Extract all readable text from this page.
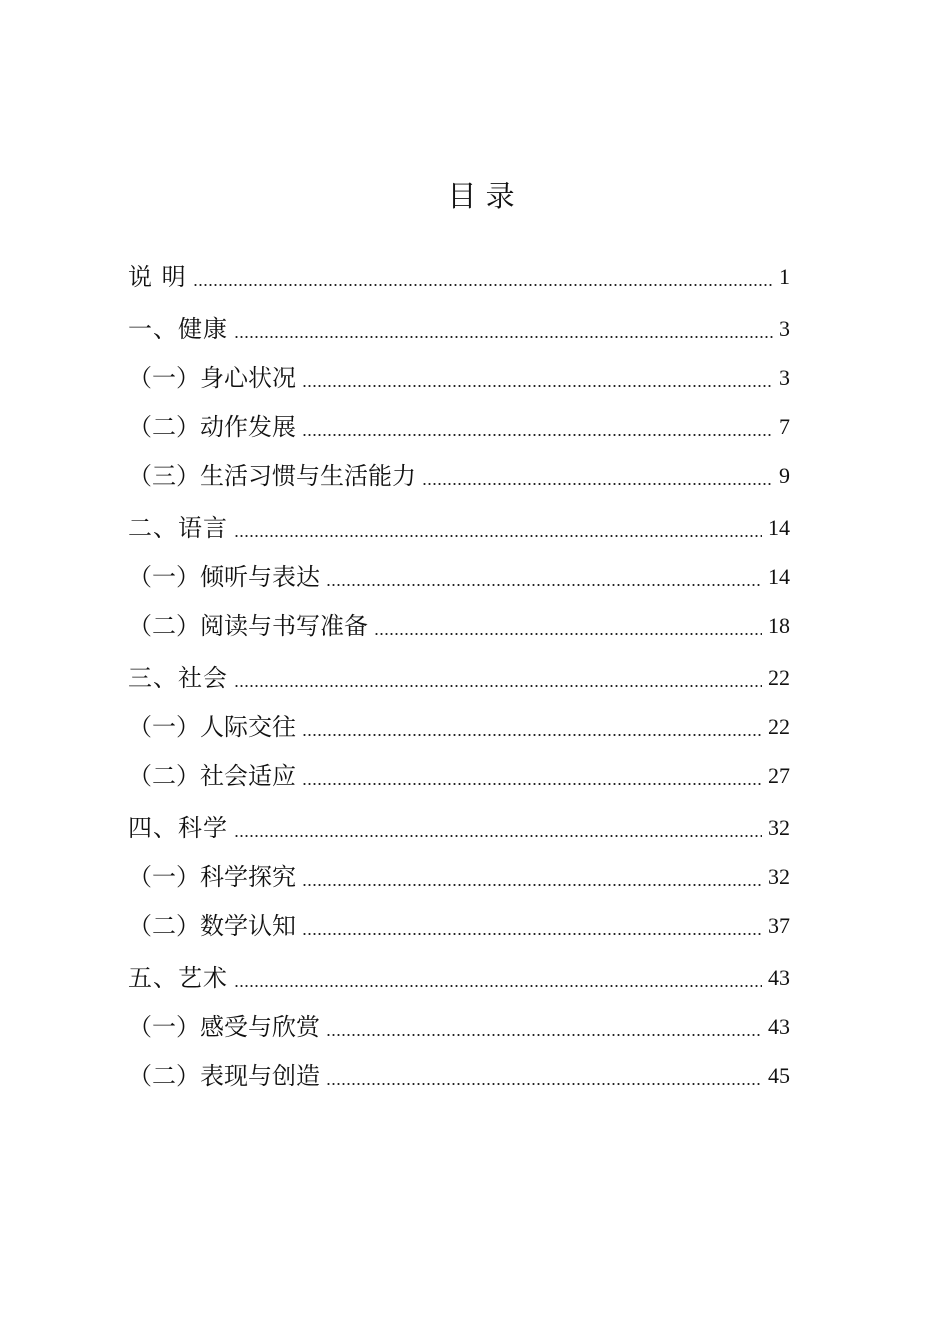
目 录
说 明	1
一、健康	3
（一）身心状况	3
（二）动作发展	7
（三）生活习惯与生活能力	9
二、语言	14
（一）倾听与表达	14
（二）阅读与书写准备	18
三、社会	22
（一）人际交往	22
（二）社会适应	27
四、科学	32
（一）科学探究	32
（二）数学认知	37
五、艺术	43
（一）感受与欣赏	43
（二）表现与创造	45
